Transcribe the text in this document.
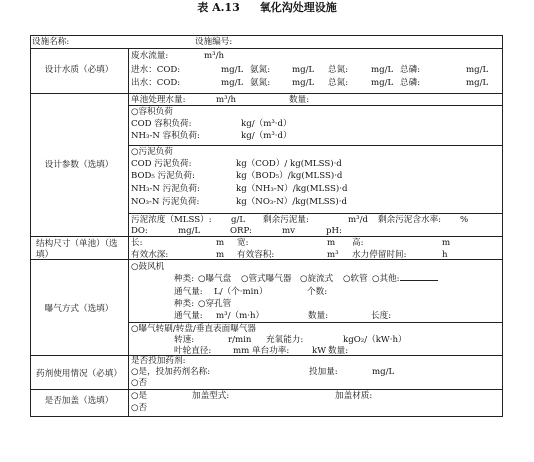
表 A.13 氧化沟处理设施
设施名称:	设施编号:
设计水质（必填）
废水流量:	m³/h
进水：COD:	mg/L 氨氮:	mg/L 总氮:	mg/L 总磷:	mg/L
出水：COD:	mg/L 氨氮:	mg/L 总氮:	mg/L 总磷:	mg/L
设计参数（选填）
单池处理水量:	m³/h	数量:
○容积负荷
COD 容积负荷:	kg/（m³·d）
NH₃-N 容积负荷:	kg/（m³·d）
○污泥负荷
COD 污泥负荷:	kg（COD）/ kg(MLSS)·d
BOD₅ 污泥负荷:	kg（BOD₅）/kg(MLSS)·d
NH₃-N 污泥负荷:	kg（NH₃-N）/kg(MLSS)·d
NO₃-N 污泥负荷:	kg（NO₃-N）/kg(MLSS)·d
污泥浓度（MLSS）: g/L 剩余污泥量:	m³/d 剩余污泥含水率: %
DO:	mg/L	ORP:	mv	pH:
结构尺寸（单池）（选填）
长:	m 宽:	m 高:	m
有效水深:	m 有效容积:	m³ 水力停留时间:	h
曝气方式（选填）
○鼓风机
种类: ○曝气盘 ○管式曝气器 ○旋流式 ○软管 ○其他:
通气量: L/（个·min）	个数:
种类: ○穿孔管
通气量: m³/（m·h）	数量:	长度:
○曝气转刷/转盘/垂直表面曝气器
转速:	r/min 充氧能力:	kgO₂/（kW·h）
叶轮直径:	mm 单台功率:	kW 数量:
药剂使用情况（必填）
是否投加药剂:
○是，投加药剂名称:	投加量:	mg/L
○否
是否加盖（选填）	○是	加盖型式:	加盖材质:
○否
